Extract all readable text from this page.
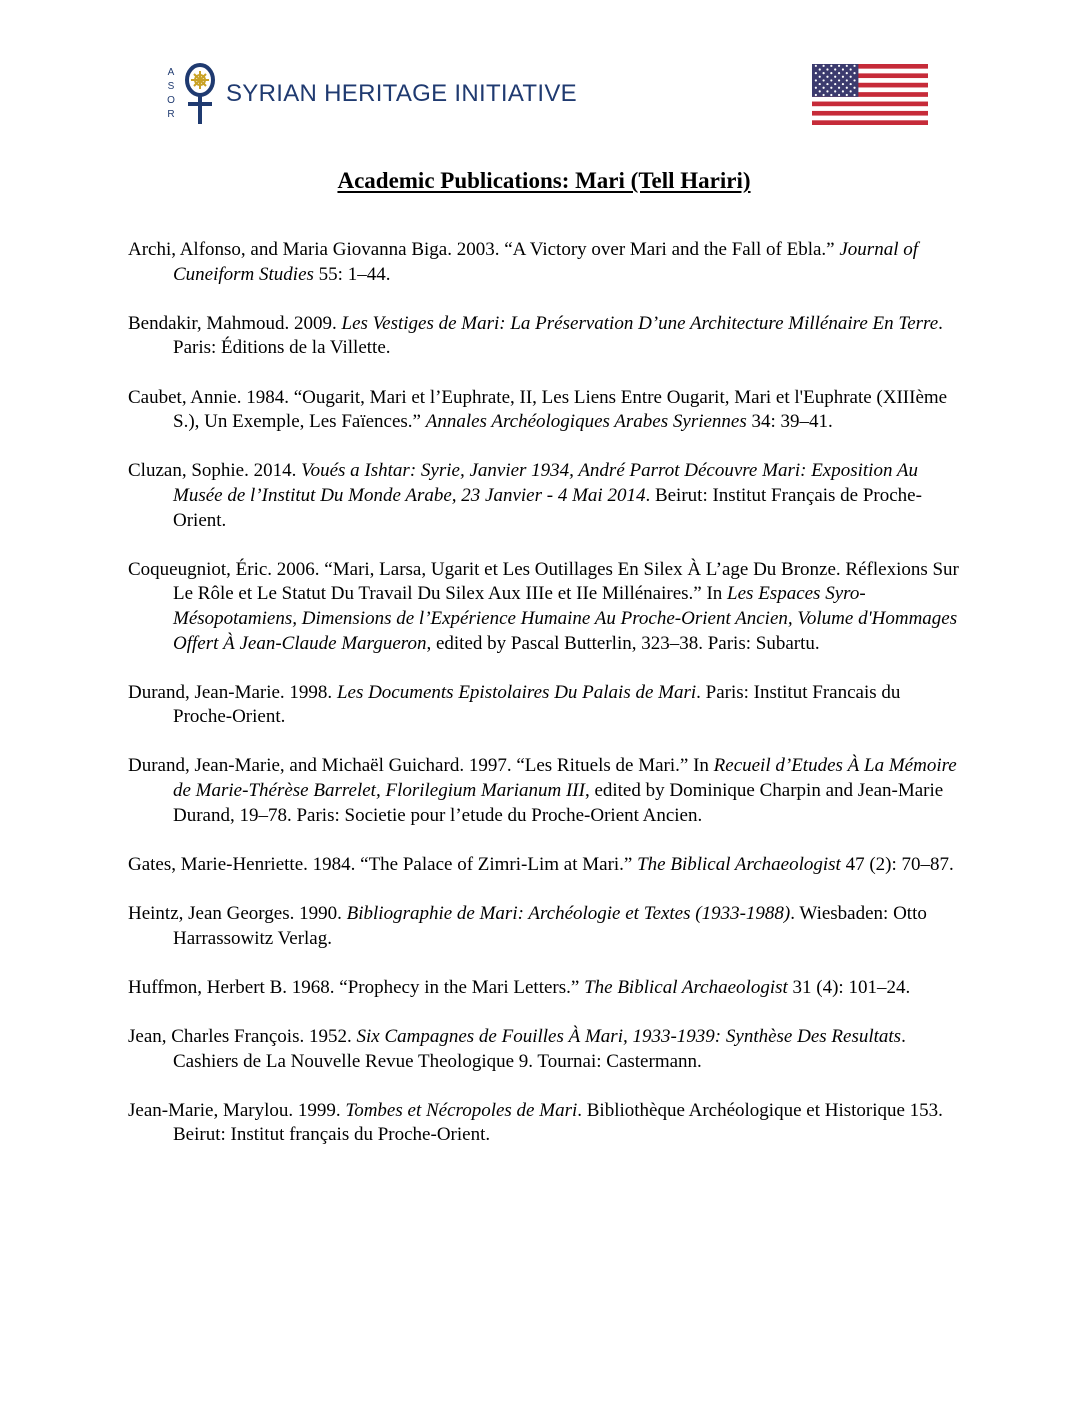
A
S
O
R
SYRIAN HERITAGE INITIATIVE
Academic Publications: Mari (Tell Hariri)
Archi, Alfonso, and Maria Giovanna Biga. 2003. “A Victory over Mari and the Fall of Ebla.” Journal of Cuneiform Studies 55: 1–44.
Bendakir, Mahmoud. 2009. Les Vestiges de Mari: La Préservation D’une Architecture Millénaire En Terre. Paris: Éditions de la Villette.
Caubet, Annie. 1984. “Ougarit, Mari et l’Euphrate, II, Les Liens Entre Ougarit, Mari et l'Euphrate (XIIIème S.), Un Exemple, Les Faïences.” Annales Archéologiques Arabes Syriennes 34: 39–41.
Cluzan, Sophie. 2014. Voués a Ishtar: Syrie, Janvier 1934, André Parrot Découvre Mari: Exposition Au Musée de l’Institut Du Monde Arabe, 23 Janvier - 4 Mai 2014. Beirut: Institut Français de Proche-Orient.
Coqueugniot, Éric. 2006. “Mari, Larsa, Ugarit et Les Outillages En Silex À L’age Du Bronze. Réflexions Sur Le Rôle et Le Statut Du Travail Du Silex Aux IIIe et IIe Millénaires.” In Les Espaces Syro-Mésopotamiens, Dimensions de l’Expérience Humaine Au Proche-Orient Ancien, Volume d'Hommages Offert À Jean-Claude Margueron, edited by Pascal Butterlin, 323–38. Paris: Subartu.
Durand, Jean-Marie. 1998. Les Documents Epistolaires Du Palais de Mari. Paris: Institut Francais du Proche-Orient.
Durand, Jean-Marie, and Michaël Guichard. 1997. “Les Rituels de Mari.” In Recueil d’Etudes À La Mémoire de Marie-Thérèse Barrelet, Florilegium Marianum III, edited by Dominique Charpin and Jean-Marie Durand, 19–78. Paris: Societie pour l’etude du Proche-Orient Ancien.
Gates, Marie-Henriette. 1984. “The Palace of Zimri-Lim at Mari.” The Biblical Archaeologist 47 (2): 70–87.
Heintz, Jean Georges. 1990. Bibliographie de Mari: Archéologie et Textes (1933-1988). Wiesbaden: Otto Harrassowitz Verlag.
Huffmon, Herbert B. 1968. “Prophecy in the Mari Letters.” The Biblical Archaeologist 31 (4): 101–24.
Jean, Charles François. 1952. Six Campagnes de Fouilles À Mari, 1933-1939: Synthèse Des Resultats. Cashiers de La Nouvelle Revue Theologique 9. Tournai: Castermann.
Jean-Marie, Marylou. 1999. Tombes et Nécropoles de Mari. Bibliothèque Archéologique et Historique 153. Beirut: Institut français du Proche-Orient.
